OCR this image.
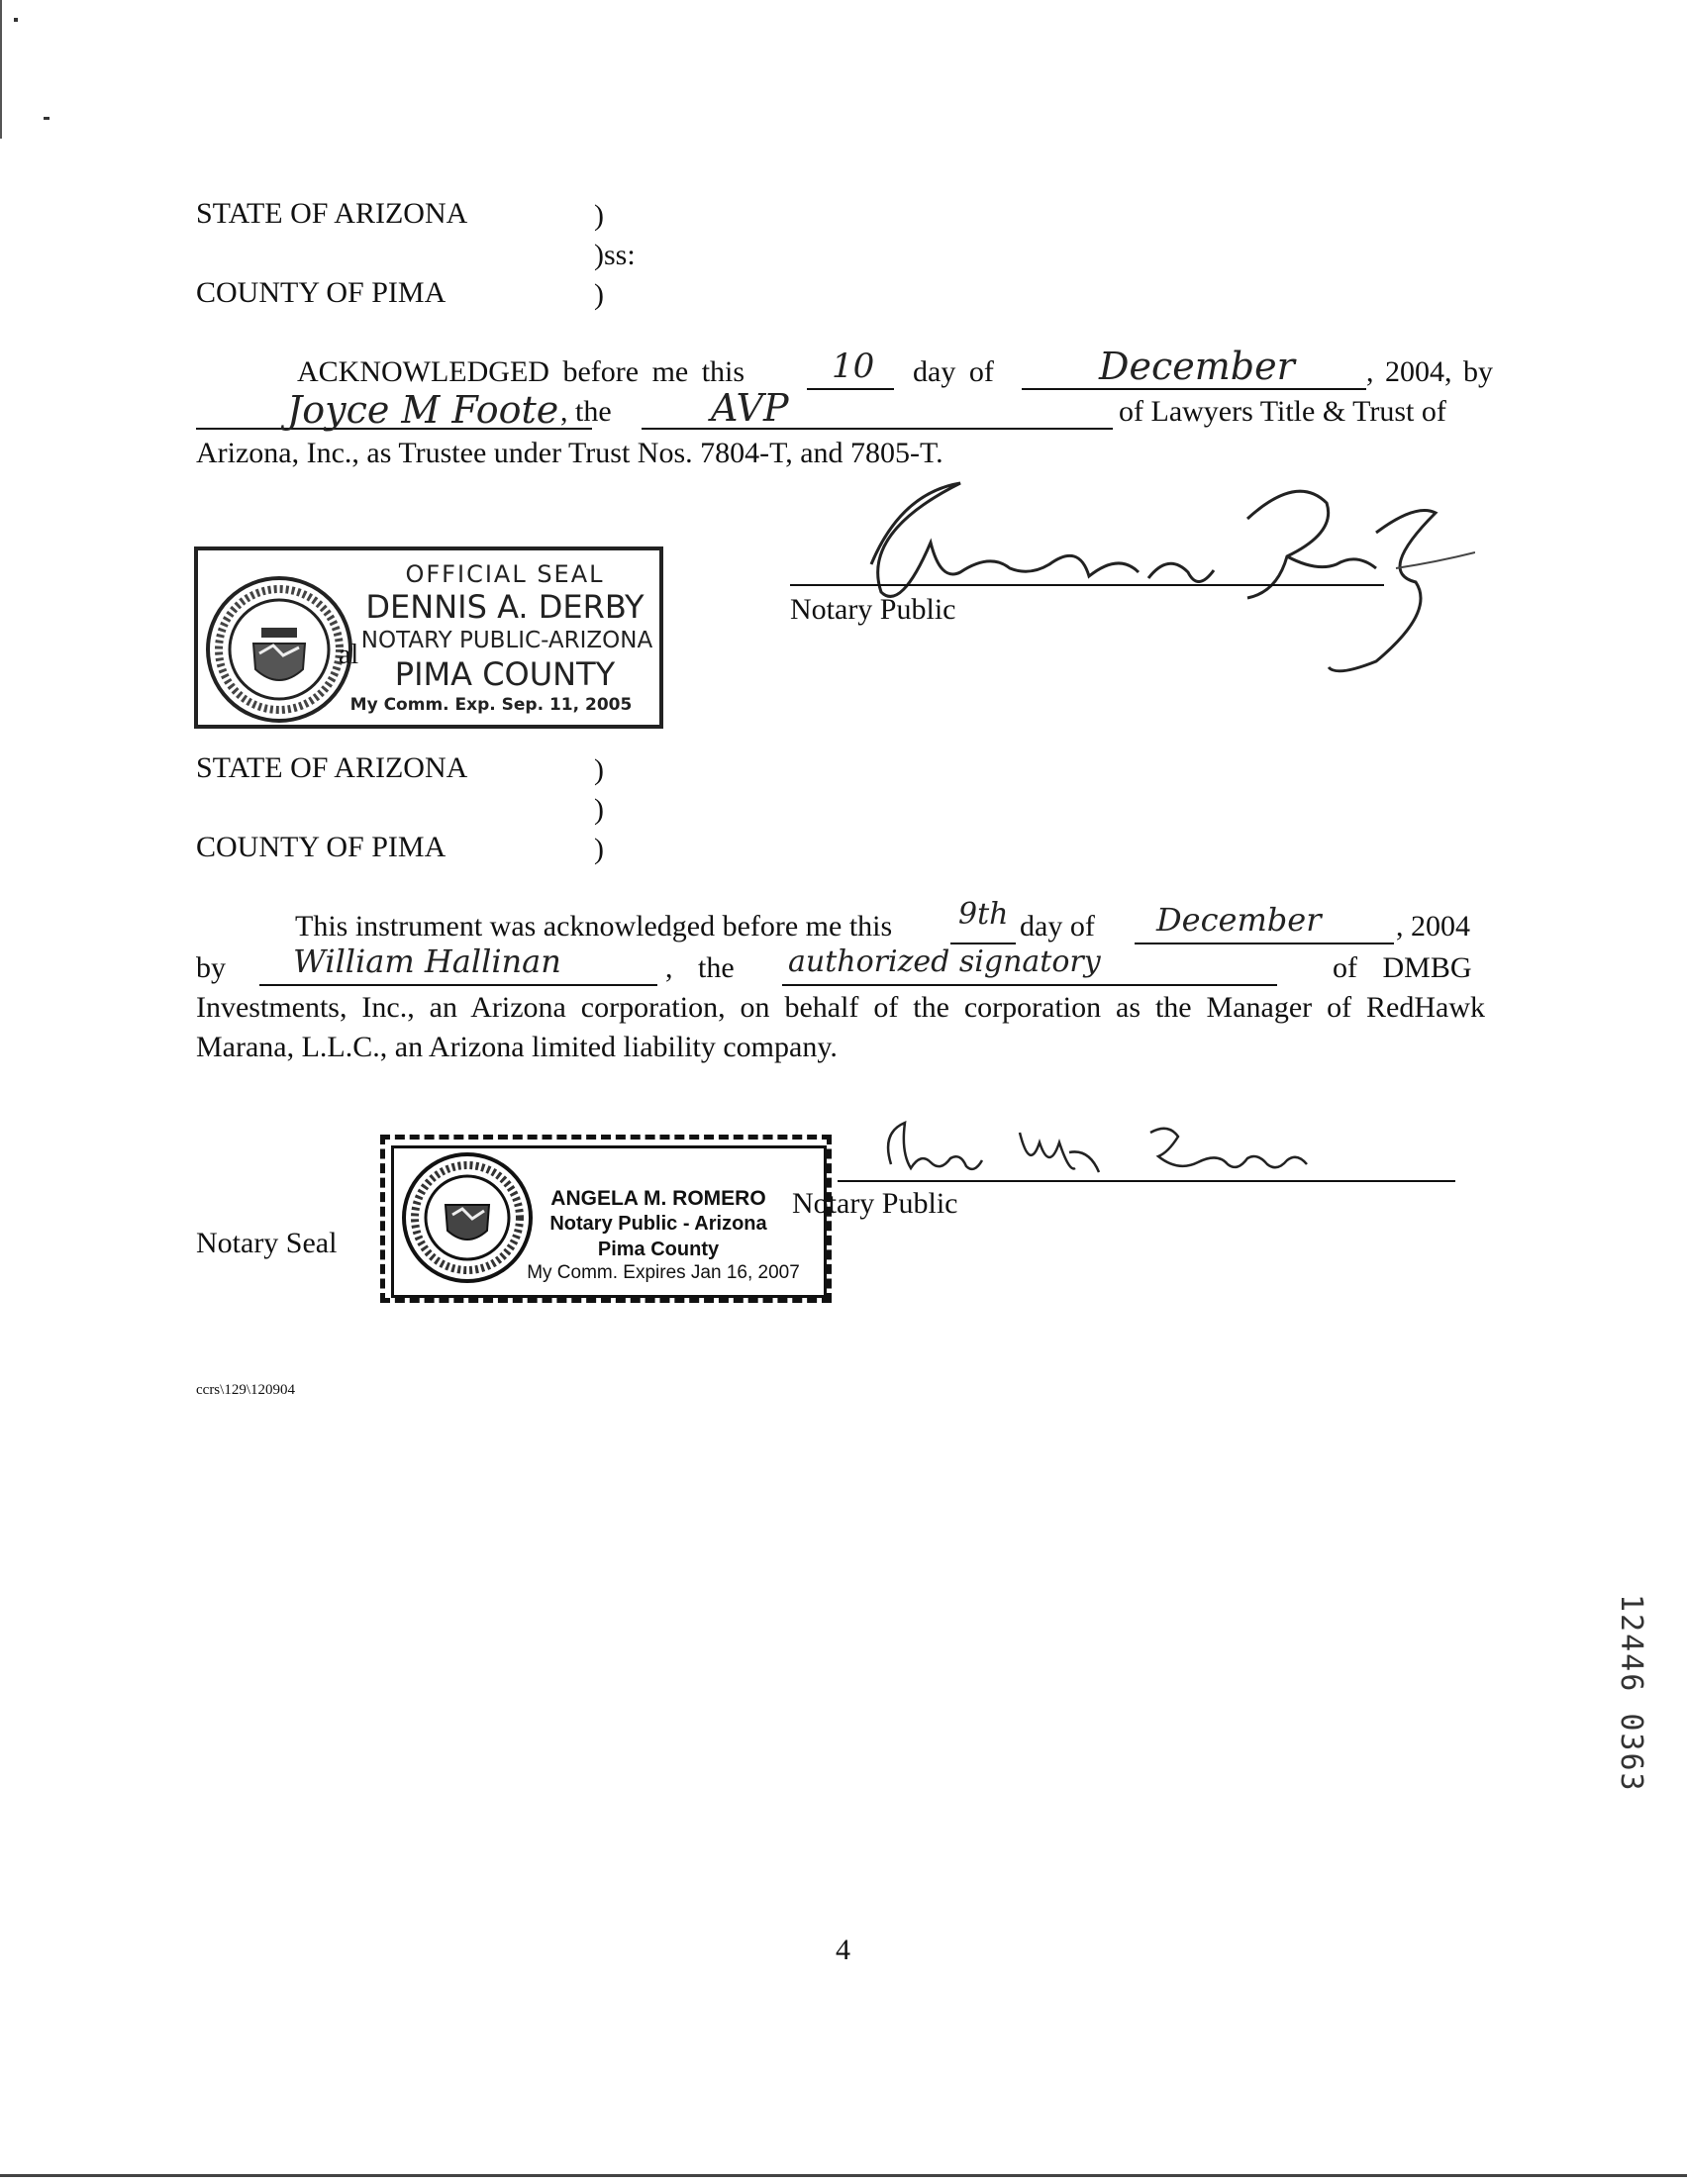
STATE OF ARIZONA	)
)ss:
COUNTY OF PIMA	)
ACKNOWLEDGED before me this	10 day of	December , 2004, by
Joyce M Foote , the	AVP	of Lawyers Title & Trust of
Arizona, Inc., as Trustee under Trust Nos. 7804-T, and 7805-T.
OFFICIAL SEAL
DENNIS A. DERBY
NOTARY PUBLIC-ARIZONA
PIMA COUNTY
My Comm. Exp. Sep. 11, 2005
al
Notary Public
STATE OF ARIZONA	)
)
COUNTY OF PIMA	)
This instrument was acknowledged before me this 9th day of December	, 2004
by William Hallinan	, the authorized signatory	of DMBG
Investments, Inc., an Arizona corporation, on behalf of the corporation as the Manager of RedHawk
Marana, L.L.C., an Arizona limited liability company.
Notary Seal
ANGELA M. ROMERO
Notary Public - Arizona
Pima County
My Comm. Expires Jan 16, 2007
Notary Public
ccrs\129\120904
4
12446 0363
